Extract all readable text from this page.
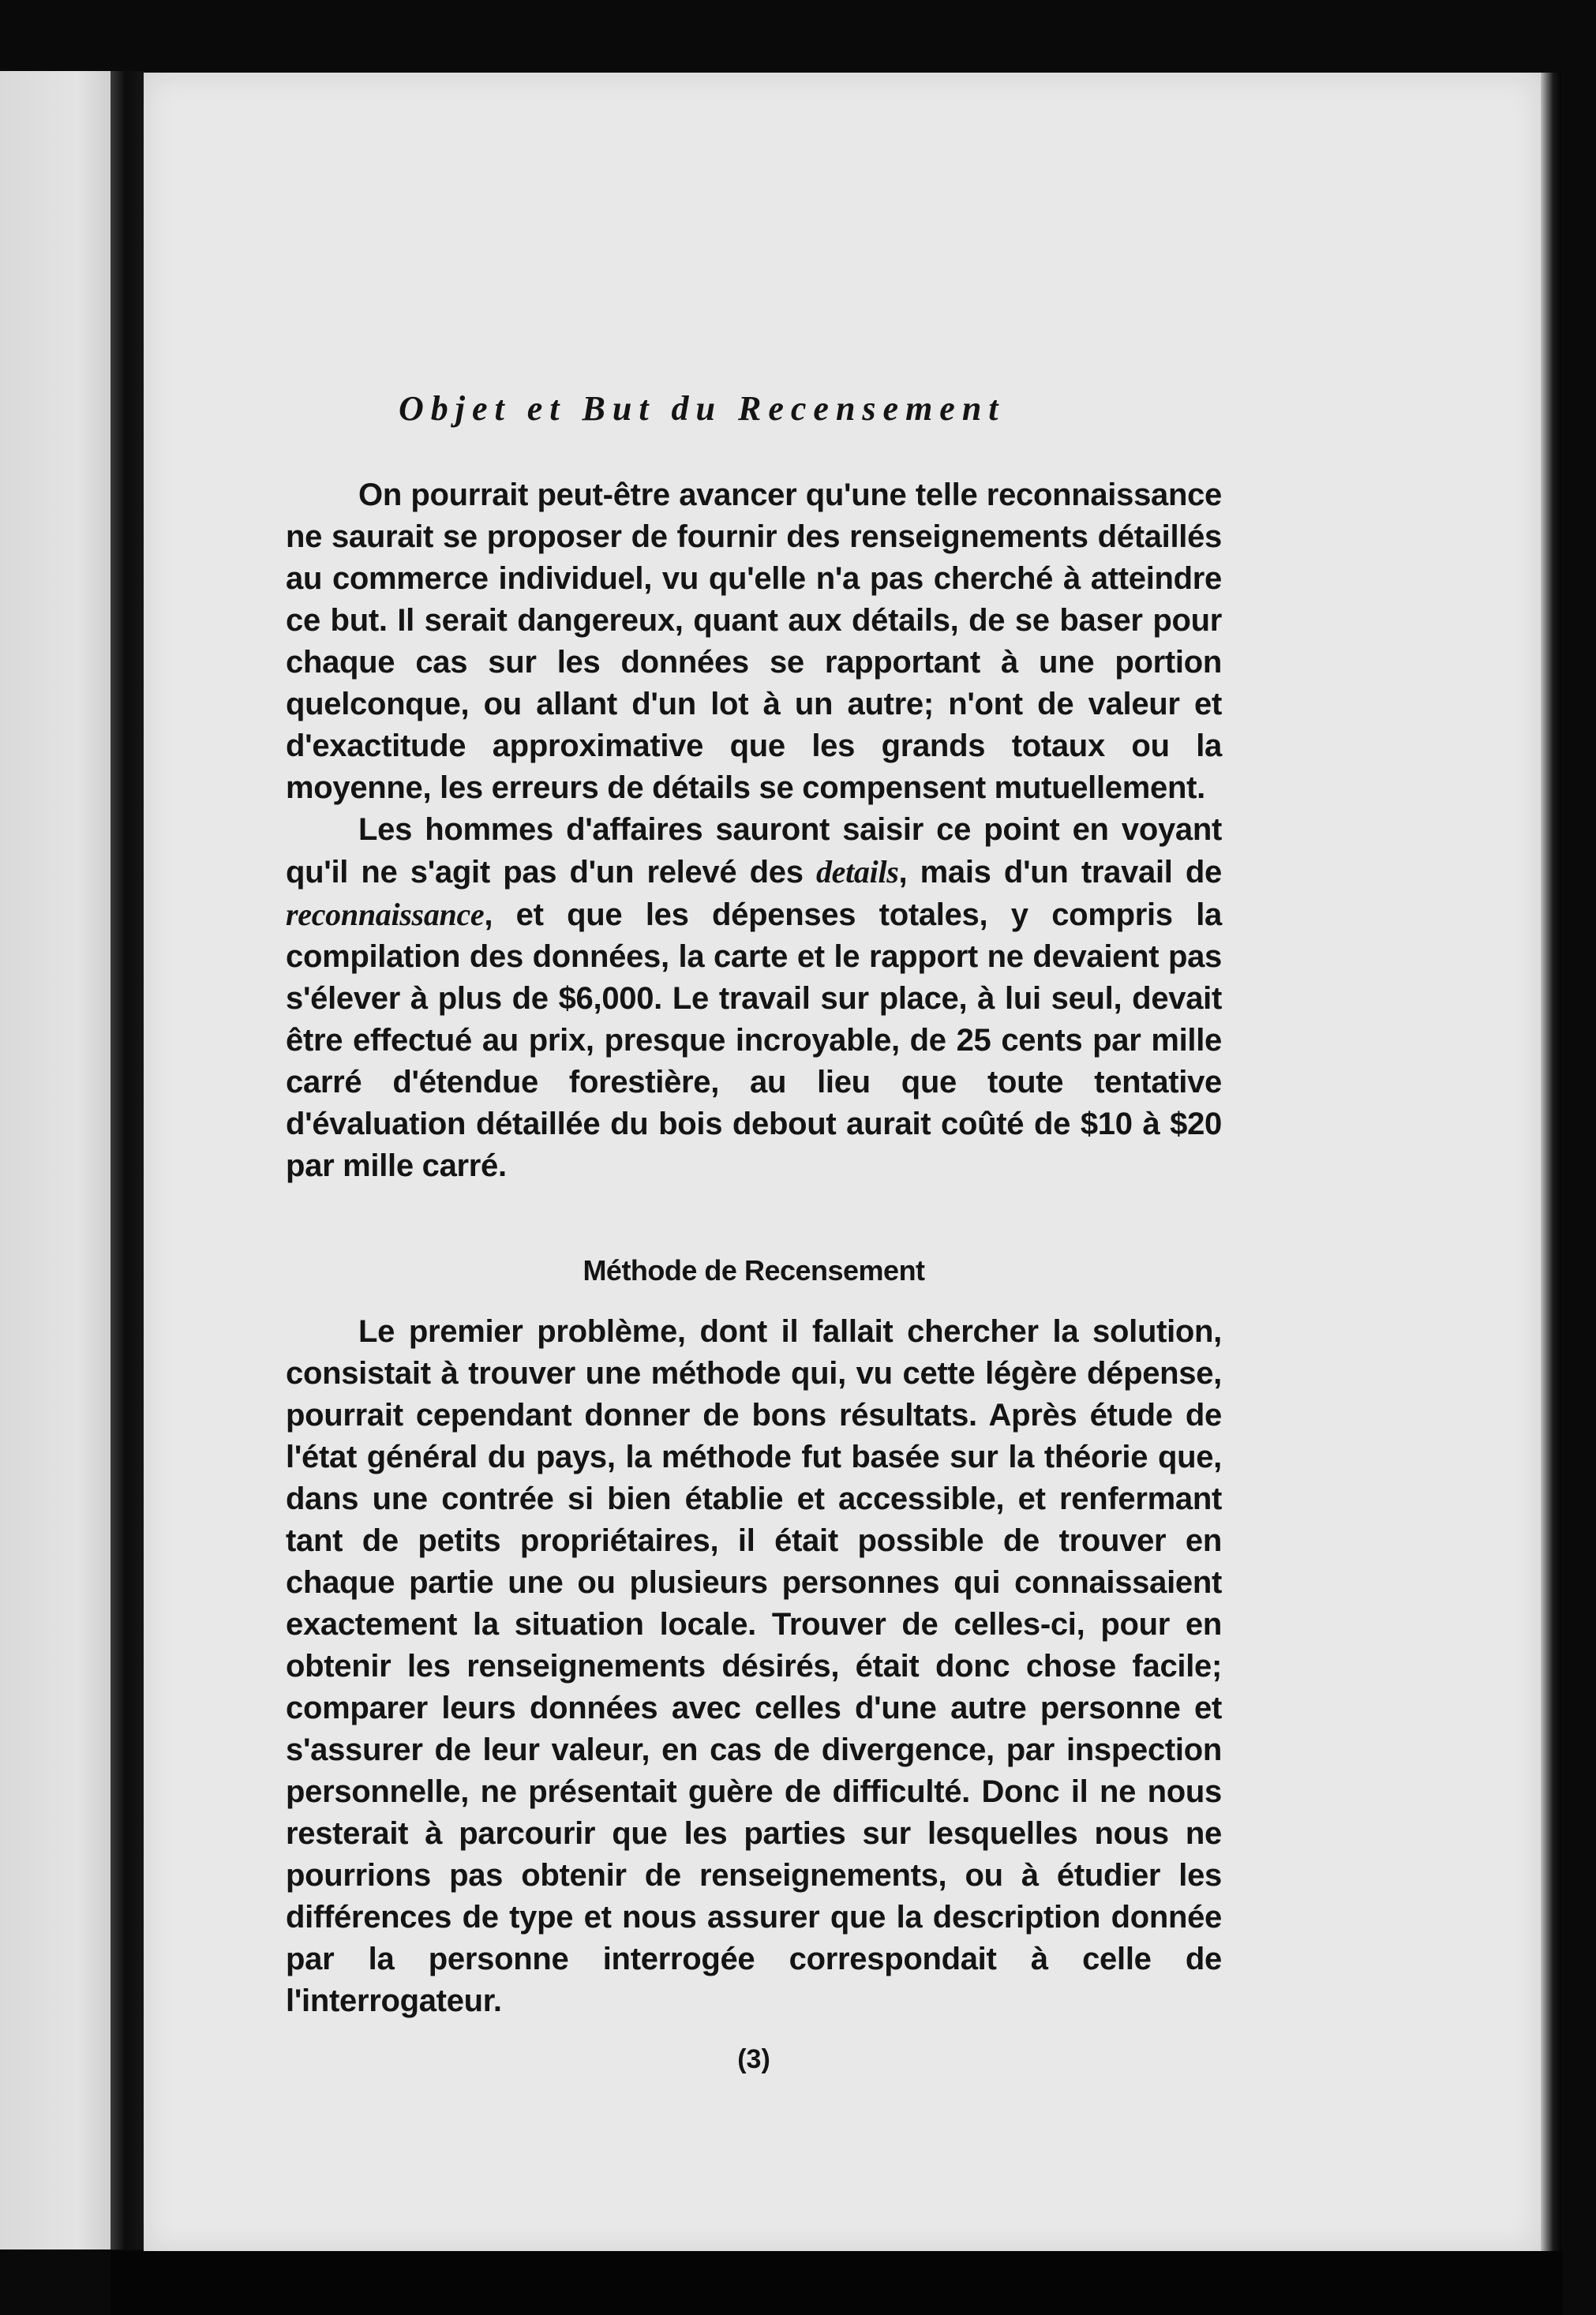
Objet et But du Recensement

On pourrait peut-être avancer qu'une telle reconnaissance ne saurait se proposer de fournir des renseignements détaillés au commerce individuel, vu qu'elle n'a pas cherché à atteindre ce but. Il serait dangereux, quant aux détails, de se baser pour chaque cas sur les données se rapportant à une portion quelconque, ou allant d'un lot à un autre; n'ont de valeur et d'exactitude approximative que les grands totaux ou la moyenne, les erreurs de détails se compensent mutuellement.

Les hommes d'affaires sauront saisir ce point en voyant qu'il ne s'agit pas d'un relevé des details, mais d'un travail de reconnaissance, et que les dépenses totales, y compris la compilation des données, la carte et le rapport ne devaient pas s'élever à plus de $6,000. Le travail sur place, à lui seul, devait être effectué au prix, presque incroyable, de 25 cents par mille carré d'étendue forestière, au lieu que toute tentative d'évaluation détaillée du bois debout aurait coûté de $10 à $20 par mille carré.

Méthode de Recensement

Le premier problème, dont il fallait chercher la solution, consistait à trouver une méthode qui, vu cette légère dépense, pourrait cependant donner de bons résultats. Après étude de l'état général du pays, la méthode fut basée sur la théorie que, dans une contrée si bien établie et accessible, et renfermant tant de petits propriétaires, il était possible de trouver en chaque partie une ou plusieurs personnes qui connaissaient exactement la situation locale. Trouver de celles-ci, pour en obtenir les renseignements désirés, était donc chose facile; comparer leurs données avec celles d'une autre personne et s'assurer de leur valeur, en cas de divergence, par inspection personnelle, ne présentait guère de difficulté. Donc il ne nous resterait à parcourir que les parties sur lesquelles nous ne pourrions pas obtenir de renseignements, ou à étudier les différences de type et nous assurer que la description donnée par la personne interrogée correspondait à celle de l'interrogateur.

(3)
